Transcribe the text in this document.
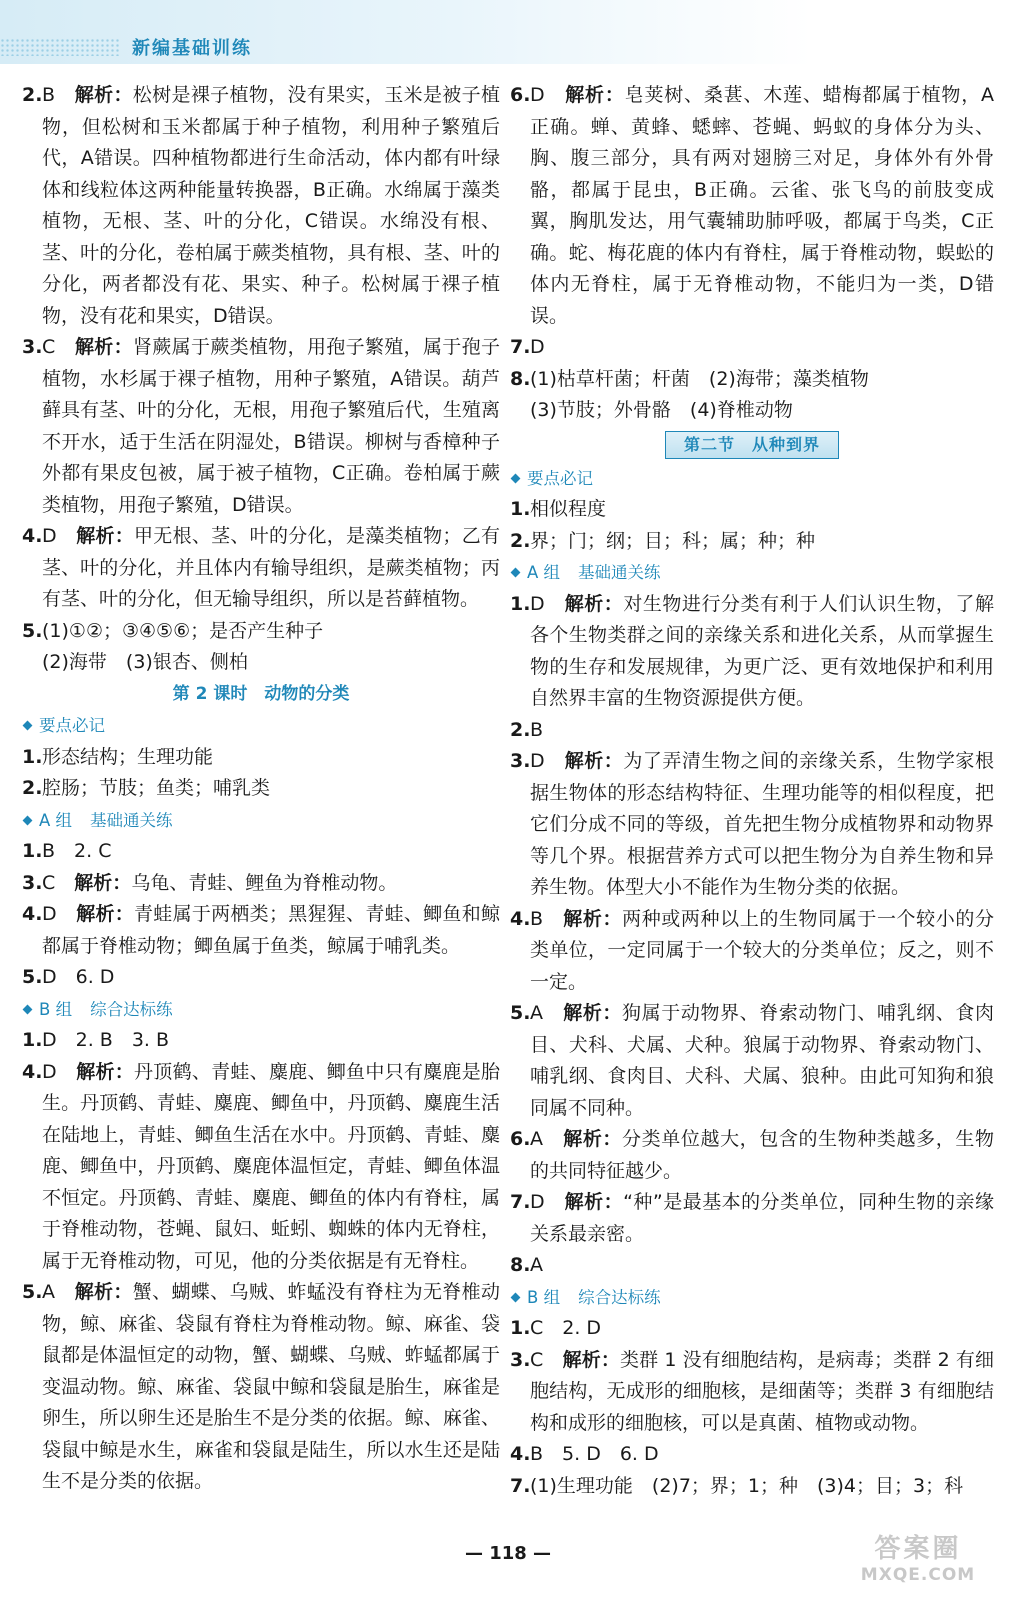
新编基础训练
2. B　 解析：松树是裸子植物，没有果实，玉米是被子植物，但松树和玉米都属于种子植物，利用种子繁殖后代，A错误。四种植物都进行生命活动，体内都有叶绿体和线粒体这两种能量转换器，B正确。水绵属于藻类植物，无根、茎、叶的分化，C错误。水绵没有根、茎、叶的分化，卷柏属于蕨类植物，具有根、茎、叶的分化，两者都没有花、果实、种子。松树属于裸子植物，没有花和果实，D错误。
3. C　 解析：肾蕨属于蕨类植物，用孢子繁殖，属于孢子植物，水杉属于裸子植物，用种子繁殖，A错误。葫芦藓具有茎、叶的分化，无根，用孢子繁殖后代，生殖离不开水，适于生活在阴湿处，B错误。柳树与香樟种子外都有果皮包被，属于被子植物，C正确。卷柏属于蕨类植物，用孢子繁殖，D错误。
4. D　 解析：甲无根、茎、叶的分化，是藻类植物；乙有茎、叶的分化，并且体内有输导组织，是蕨类植物；丙有茎、叶的分化，但无输导组织，所以是苔藓植物。
5. (1)①②；③④⑤⑥；是否产生种子
(2)海带　(3)银杏、侧柏
第 2 课时　动物的分类
要点必记
1. 形态结构；生理功能
2. 腔肠；节肢；鱼类；哺乳类
A 组 基础通关练
1. B　2. C
3. C　 解析：乌龟、青蛙、鲤鱼为脊椎动物。
4. D　 解析：青蛙属于两栖类；黑猩猩、青蛙、鲫鱼和鲸都属于脊椎动物；鲫鱼属于鱼类，鲸属于哺乳类。
5. D　6. D
B 组 综合达标练
1. D　2. B　3. B
4. D　 解析：丹顶鹤、青蛙、麋鹿、鲫鱼中只有麋鹿是胎生。丹顶鹤、青蛙、麋鹿、鲫鱼中，丹顶鹤、麋鹿生活在陆地上，青蛙、鲫鱼生活在水中。丹顶鹤、青蛙、麋鹿、鲫鱼中，丹顶鹤、麋鹿体温恒定，青蛙、鲫鱼体温不恒定。丹顶鹤、青蛙、麋鹿、鲫鱼的体内有脊柱，属于脊椎动物，苍蝇、鼠妇、蚯蚓、蜘蛛的体内无脊柱，属于无脊椎动物，可见，他的分类依据是有无脊柱。
5. A　 解析：蟹、蝴蝶、乌贼、蚱蜢没有脊柱为无脊椎动物，鲸、麻雀、袋鼠有脊柱为脊椎动物。鲸、麻雀、袋鼠都是体温恒定的动物，蟹、蝴蝶、乌贼、蚱蜢都属于变温动物。鲸、麻雀、袋鼠中鲸和袋鼠是胎生，麻雀是卵生，所以卵生还是胎生不是分类的依据。鲸、麻雀、袋鼠中鲸是水生，麻雀和袋鼠是陆生，所以水生还是陆生不是分类的依据。
6. D　 解析：皂荚树、桑葚、木莲、蜡梅都属于植物，A正确。蝉、黄蜂、蟋蟀、苍蝇、蚂蚁的身体分为头、胸、腹三部分，具有两对翅膀三对足，身体外有外骨骼，都属于昆虫，B正确。云雀、张飞鸟的前肢变成翼，胸肌发达，用气囊辅助肺呼吸，都属于鸟类，C正确。蛇、梅花鹿的体内有脊柱，属于脊椎动物，蜈蚣的体内无脊柱，属于无脊椎动物，不能归为一类，D错误。
7. D
8. (1)枯草杆菌；杆菌　(2)海带；藻类植物
(3)节肢；外骨骼　(4)脊椎动物
第二节　从种到界
要点必记
1. 相似程度
2. 界；门；纲；目；科；属；种；种
A 组 基础通关练
1. D　 解析：对生物进行分类有利于人们认识生物，了解各个生物类群之间的亲缘关系和进化关系，从而掌握生物的生存和发展规律，为更广泛、更有效地保护和利用自然界丰富的生物资源提供方便。
2. B
3. D　 解析：为了弄清生物之间的亲缘关系，生物学家根据生物体的形态结构特征、生理功能等的相似程度，把它们分成不同的等级，首先把生物分成植物界和动物界等几个界。根据营养方式可以把生物分为自养生物和异养生物。体型大小不能作为生物分类的依据。
4. B　 解析：两种或两种以上的生物同属于一个较小的分类单位，一定同属于一个较大的分类单位；反之，则不一定。
5. A　 解析：狗属于动物界、脊索动物门、哺乳纲、食肉目、犬科、犬属、犬种。狼属于动物界、脊索动物门、哺乳纲、食肉目、犬科、犬属、狼种。由此可知狗和狼同属不同种。
6. A　 解析：分类单位越大，包含的生物种类越多，生物的共同特征越少。
7. D　 解析：“种”是最基本的分类单位，同种生物的亲缘关系最亲密。
8. A
B 组 综合达标练
1. C　2. D
3. C　 解析：类群 1 没有细胞结构，是病毒；类群 2 有细胞结构，无成形的细胞核，是细菌等；类群 3 有细胞结构和成形的细胞核，可以是真菌、植物或动物。
4. B　5. D　6. D
7. (1)生理功能　(2)7；界；1；种　(3)4；目；3；科
— 118 —	答案圈
MXQE.COM
